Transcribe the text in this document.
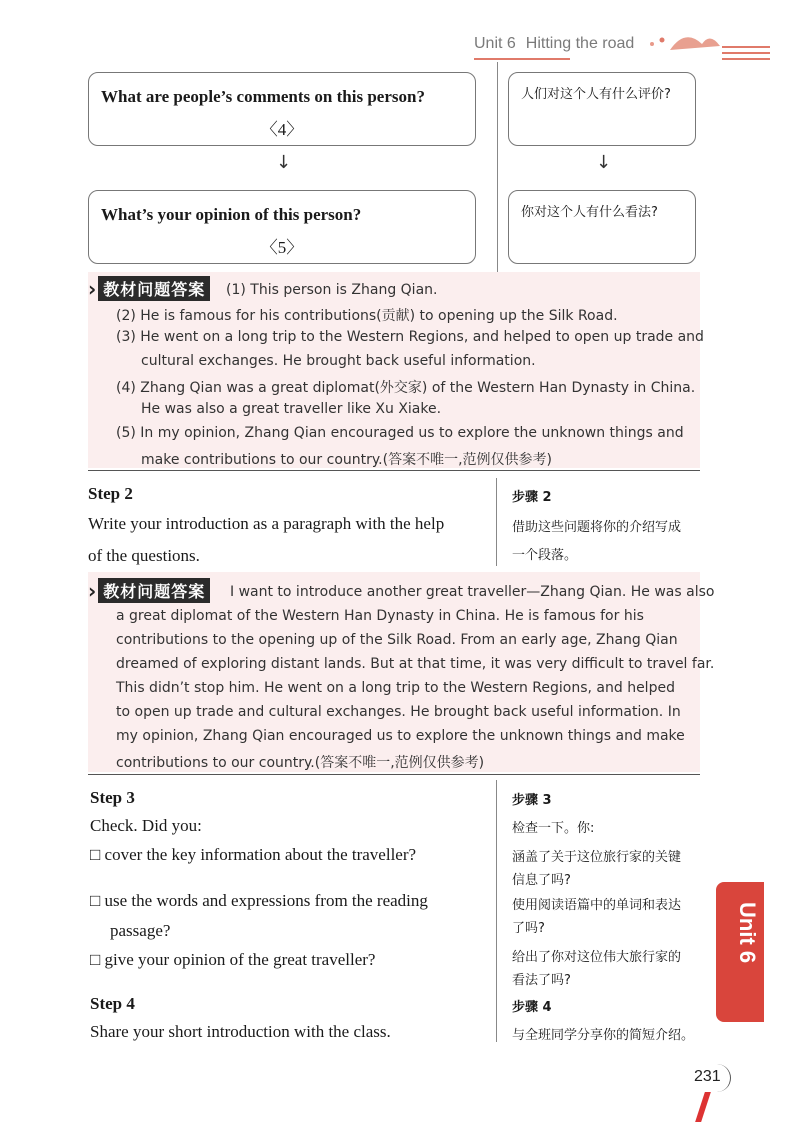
Unit 6 Hitting the road
What are people’s comments on this person?
〈4〉
↓
What’s your opinion of this person?
〈5〉
人们对这个人有什么评价?
↓
你对这个人有什么看法?
› 教材问题答案	(1) This person is Zhang Qian.
(2) He is famous for his contributions(贡献) to opening up the Silk Road.
(3) He went on a long trip to the Western Regions, and helped to open up trade and
cultural exchanges. He brought back useful information.
(4) Zhang Qian was a great diplomat(外交家) of the Western Han Dynasty in China.
He was also a great traveller like Xu Xiake.
(5) In my opinion, Zhang Qian encouraged us to explore the unknown things and
make contributions to our country.(答案不唯一,范例仅供参考)
Step 2
Write your introduction as a paragraph with the help
of the questions.
步骤 2
借助这些问题将你的介绍写成
一个段落。
› 教材问题答案	I want to introduce another great traveller—Zhang Qian. He was also
a great diplomat of the Western Han Dynasty in China. He is famous for his
contributions to the opening up of the Silk Road. From an early age, Zhang Qian
dreamed of exploring distant lands. But at that time, it was very difficult to travel far.
This didn’t stop him. He went on a long trip to the Western Regions, and helped
to open up trade and cultural exchanges. He brought back useful information. In
my opinion, Zhang Qian encouraged us to explore the unknown things and make
contributions to our country.(答案不唯一,范例仅供参考)
Step 3
Check. Did you:
□ cover the key information about the traveller?
□ use the words and expressions from the reading
passage?
□ give your opinion of the great traveller?
步骤 3
检查一下。你:
涵盖了关于这位旅行家的关键
信息了吗?
使用阅读语篇中的单词和表达
了吗?
给出了你对这位伟大旅行家的
看法了吗?
Step 4
Share your short introduction with the class.
步骤 4
与全班同学分享你的简短介绍。
Unit 6
231
